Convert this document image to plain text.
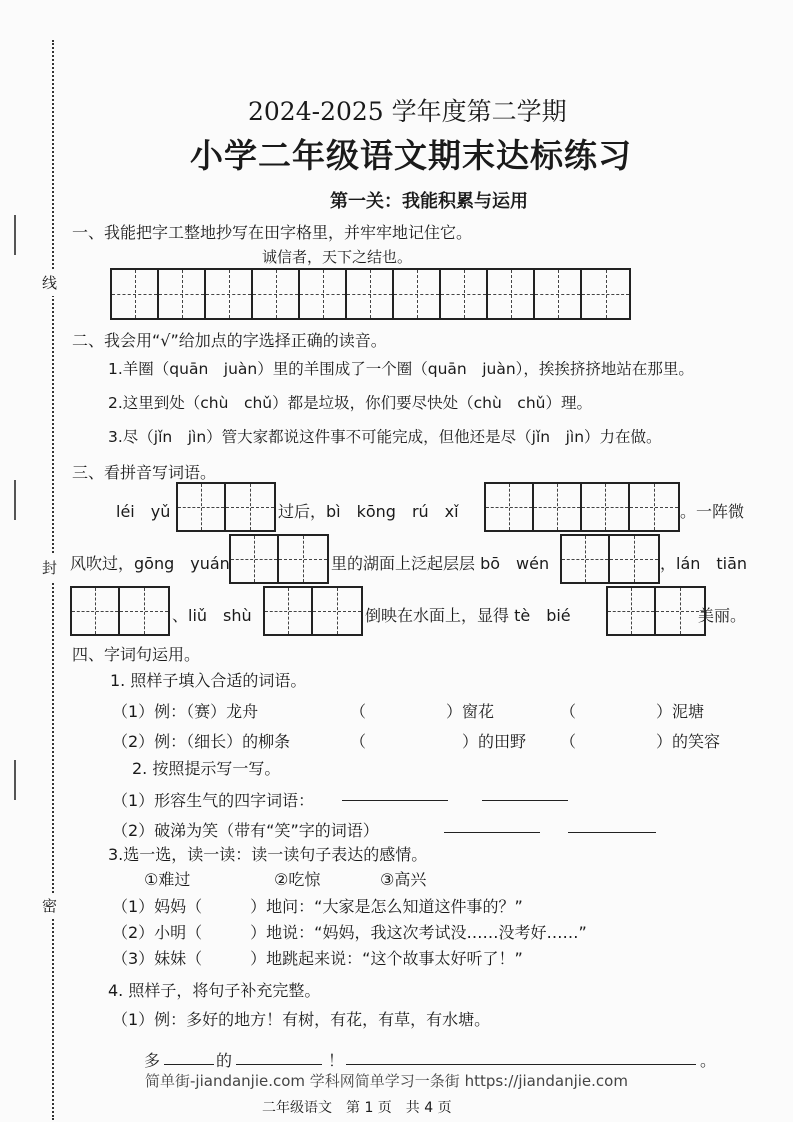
线
封
密
2024-2025 学年度第二学期
小学二年级语文期末达标练习
第一关：我能积累与运用
一、我能把字工整地抄写在田字格里，并牢牢地记住它。
诚信者，天下之结也。
二、我会用“√”给加点的字选择正确的读音。
1.羊圈（quān　juàn）里的羊围成了一个圈（quān　juàn），挨挨挤挤地站在那里。
2.这里到处（chù　chǔ）都是垃圾，你们要尽快处（chù　chǔ）理。
3.尽（jǐn　jìn）管大家都说这件事不可能完成，但他还是尽（jǐn　jìn）力在做。
三、看拼音写词语。
léi　yǔ	过后，bì　kōng　rú　xǐ	。一阵微
风吹过，gōng　yuán	里的湖面上泛起层层 bō　wén	，lán　tiān
、liǔ　shù	倒映在水面上，显得 tè　bié	美丽。
四、字词句运用。
1. 照样子填入合适的词语。
（1）例：（赛）龙舟	（　　　　　）窗花	（　　　　　）泥塘
（2）例：（细长）的柳条	（　　　　　　）的田野 （　　　　　）的笑容
2. 按照提示写一写。
（1）形容生气的四字词语：
（2）破涕为笑（带有“笑”字的词语）
3.选一选，读一读：读一读句子表达的感情。
①难过	②吃惊	③高兴
（1）妈妈（　　　）地问：“大家是怎么知道这件事的？”
（2）小明（　　　）地说：“妈妈，我这次考试没……没考好……”
（3）妹妹（　　　）地跳起来说：“这个故事太好听了！”
4. 照样子，将句子补充完整。
（1）例：多好的地方！有树，有花，有草，有水塘。
多	的	！	。
简单街-jiandanjie.com 学科网简单学习一条街 https://jiandanjie.com
二年级语文　第 1 页　共 4 页
